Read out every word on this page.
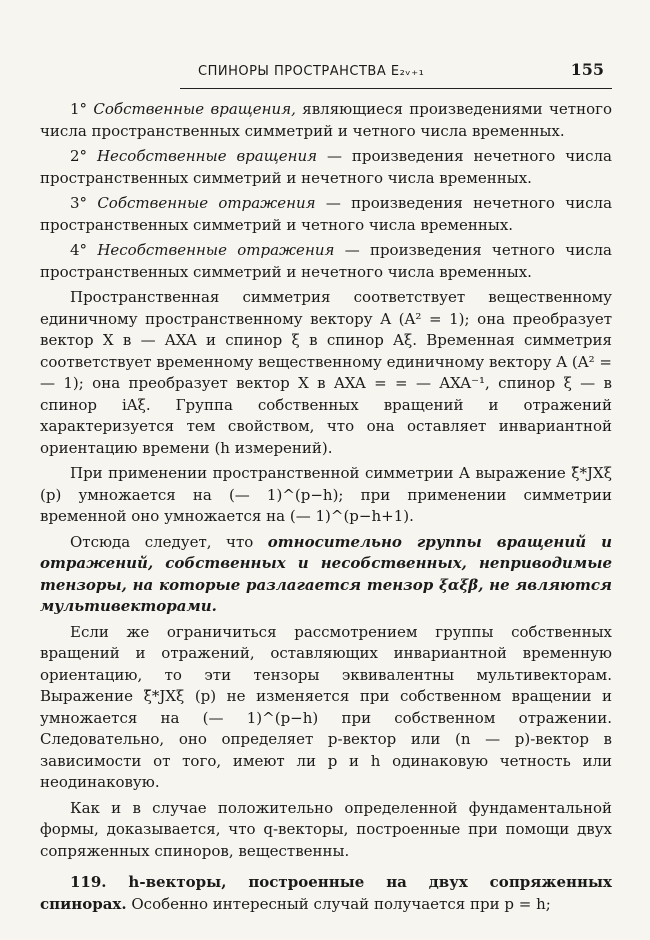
СПИНОРЫ ПРОСТРАНСТВА E₂ᵥ₊₁	155

1° Собственные вращения, являющиеся произведениями четного числа пространственных симметрий и четного числа временных.

2° Несобственные вращения — произведения нечетного числа пространственных симметрий и нечетного числа временных.

3° Собственные отражения — произведения нечетного числа пространственных симметрий и четного числа временных.

4° Несобственные отражения — произведения четного числа пространственных симметрий и нечетного числа временных.

Пространственная симметрия соответствует вещественному единичному пространственному вектору A (A² = 1); она преобразует вектор X в — AXA и спинор ξ в спинор Aξ. Временная симметрия соответствует временному вещественному единичному вектору A (A² = — 1); она преобразует вектор X в AXA = = — AXA⁻¹, спинор ξ — в спинор iAξ. Группа собственных вращений и отражений характеризуется тем свойством, что она оставляет инвариантной ориентацию времени (h измерений).

При применении пространственной симметрии A выражение ξ̄*JXξ (p) умножается на (— 1)^(p−h); при применении симметрии временной оно умножается на (— 1)^(p−h+1).

Отсюда следует, что относительно группы вращений и отражений, собственных и несобственных, неприводимые тензоры, на которые разлагается тензор ξαξβ, не являются мультивекторами.

Если же ограничиться рассмотрением группы собственных вращений и отражений, оставляющих инвариантной временную ориентацию, то эти тензоры эквивалентны мультивекторам. Выражение ξ̄*JXξ (p) не изменяется при собственном вращении и умножается на (— 1)^(p−h) при собственном отражении. Следовательно, оно определяет p-вектор или (n — p)-вектор в зависимости от того, имеют ли p и h одинаковую четность или неодинаковую.

Как и в случае положительно определенной фундаментальной формы, доказывается, что q-векторы, построенные при помощи двух сопряженных спиноров, вещественны.

119. h-векторы, построенные на двух сопряженных спинорах. Особенно интересный случай получается при p = h;
